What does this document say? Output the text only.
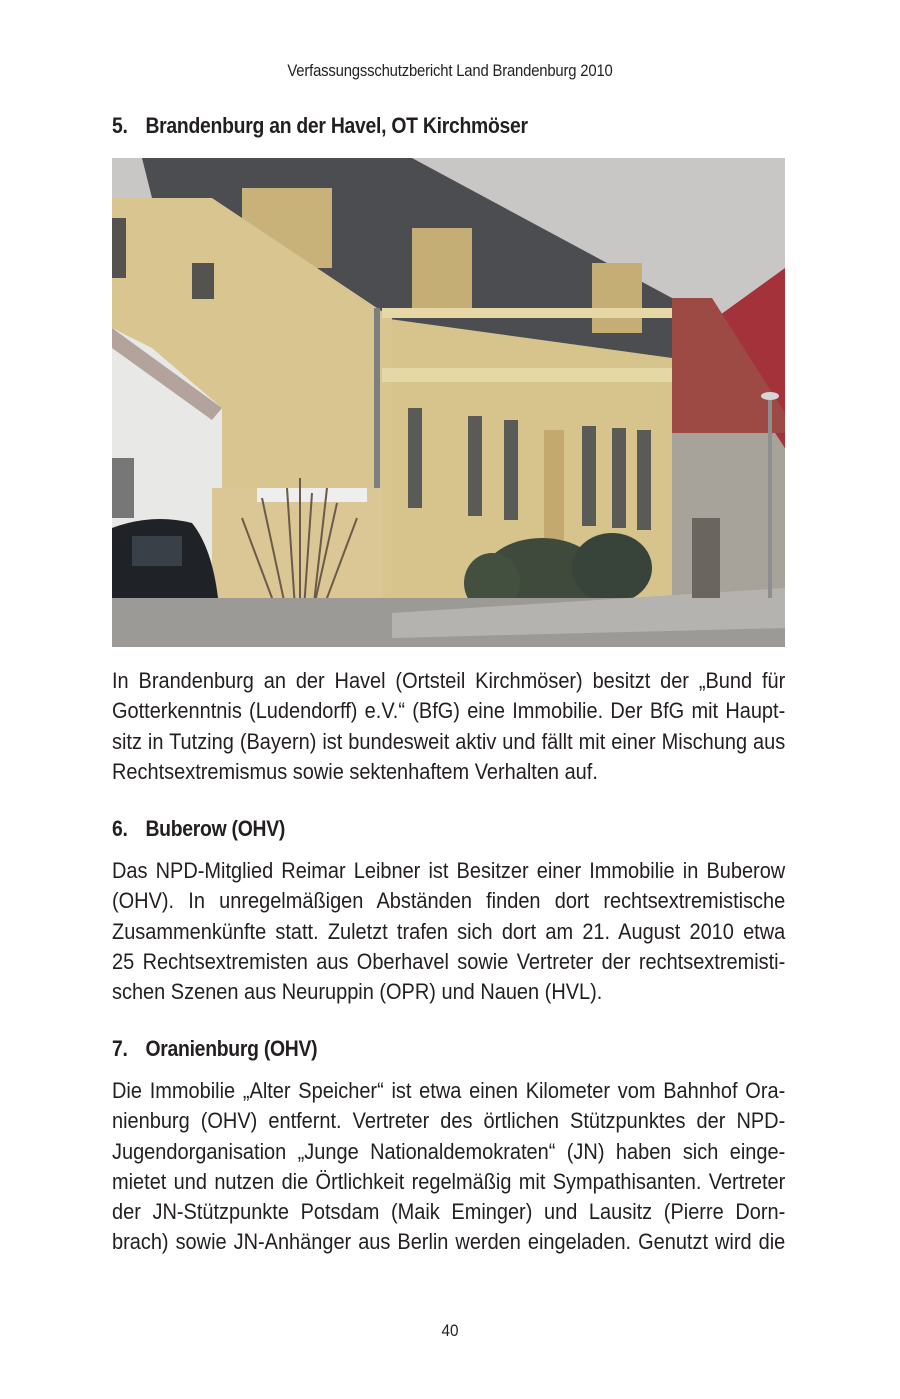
Verfassungsschutzbericht Land Brandenburg 2010
5. Brandenburg an der Havel, OT Kirchmöser
In Brandenburg an der Havel (Ortsteil Kirchmöser) besitzt der „Bund für
Gotterkenntnis (Ludendorff) e.V.“ (BfG) eine Immobilie. Der BfG mit Haupt-
sitz in Tutzing (Bayern) ist bundesweit aktiv und fällt mit einer Mischung aus
Rechtsextremismus sowie sektenhaftem Verhalten auf.
6. Buberow (OHV)
Das NPD-Mitglied Reimar Leibner ist Besitzer einer Immobilie in Buberow
(OHV). In unregelmäßigen Abständen finden dort rechtsextremistische
Zusammenkünfte statt. Zuletzt trafen sich dort am 21. August 2010 etwa
25 Rechtsextremisten aus Oberhavel sowie Vertreter der rechtsextremisti-
schen Szenen aus Neuruppin (OPR) und Nauen (HVL).
7. Oranienburg (OHV)
Die Immobilie „Alter Speicher“ ist etwa einen Kilometer vom Bahnhof Ora-
nienburg (OHV) entfernt. Vertreter des örtlichen Stützpunktes der NPD-
Jugendorganisation „Junge Nationaldemokraten“ (JN) haben sich einge-
mietet und nutzen die Örtlichkeit regelmäßig mit Sympathisanten. Vertreter
der JN-Stützpunkte Potsdam (Maik Eminger) und Lausitz (Pierre Dorn-
brach) sowie JN-Anhänger aus Berlin werden eingeladen. Genutzt wird die
40
